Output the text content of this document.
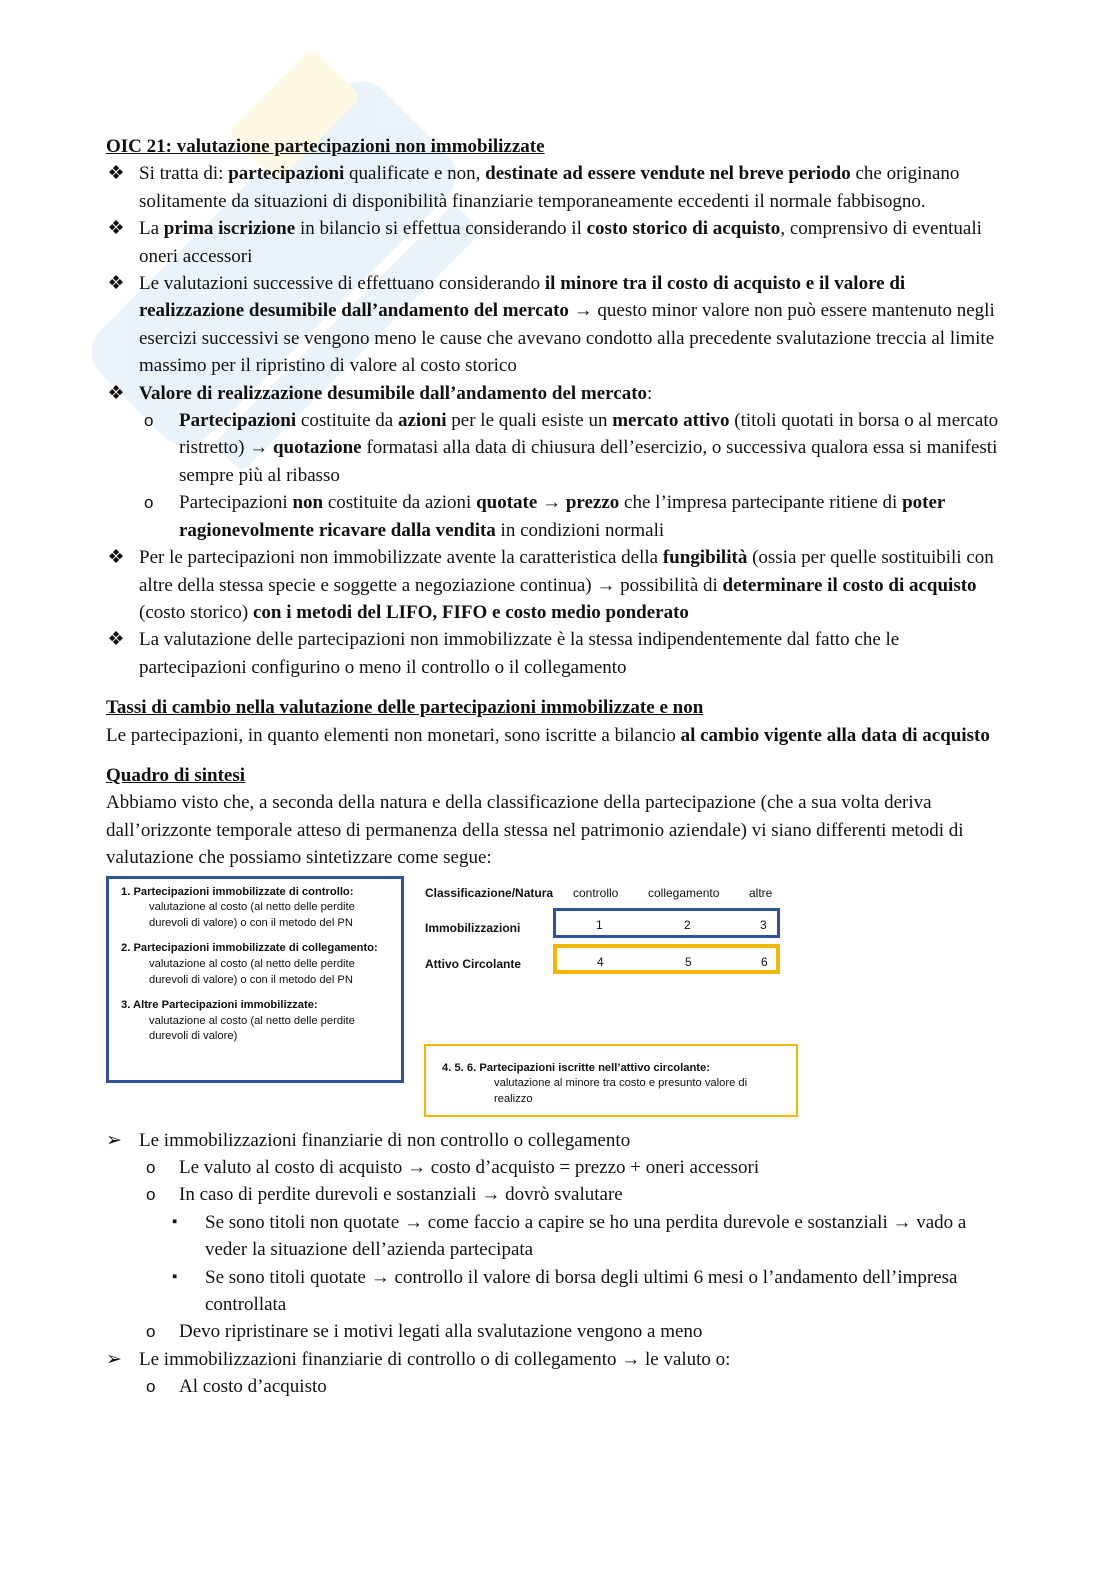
OIC 21: valutazione partecipazioni non immobilizzate

❖ Si tratta di: partecipazioni qualificate e non, destinate ad essere vendute nel breve periodo che originano solitamente da situazioni di disponibilità finanziarie temporaneamente eccedenti il normale fabbisogno.
❖ La prima iscrizione in bilancio si effettua considerando il costo storico di acquisto, comprensivo di eventuali oneri accessori
❖ Le valutazioni successive di effettuano considerando il minore tra il costo di acquisto e il valore di realizzazione desumibile dall’andamento del mercato → questo minor valore non può essere mantenuto negli esercizi successivi se vengono meno le cause che avevano condotto alla precedente svalutazione treccia al limite massimo per il ripristino di valore al costo storico
❖ Valore di realizzazione desumibile dall’andamento del mercato:
o Partecipazioni costituite da azioni per le quali esiste un mercato attivo (titoli quotati in borsa o al mercato ristretto) → quotazione formatasi alla data di chiusura dell’esercizio, o successiva qualora essa si manifesti sempre più al ribasso
o Partecipazioni non costituite da azioni quotate → prezzo che l’impresa partecipante ritiene di poter ragionevolmente ricavare dalla vendita in condizioni normali
❖ Per le partecipazioni non immobilizzate avente la caratteristica della fungibilità (ossia per quelle sostituibili con altre della stessa specie e soggette a negoziazione continua) → possibilità di determinare il costo di acquisto (costo storico) con i metodi del LIFO, FIFO e costo medio ponderato
❖ La valutazione delle partecipazioni non immobilizzate è la stessa indipendentemente dal fatto che le partecipazioni configurino o meno il controllo o il collegamento

Tassi di cambio nella valutazione delle partecipazioni immobilizzate e non

Le partecipazioni, in quanto elementi non monetari, sono iscritte a bilancio al cambio vigente alla data di acquisto

Quadro di sintesi

Abbiamo visto che, a seconda della natura e della classificazione della partecipazione (che a sua volta deriva dall’orizzonte temporale atteso di permanenza della stessa nel patrimonio aziendale) vi siano differenti metodi di valutazione che possiamo sintetizzare come segue:

1. Partecipazioni immobilizzate di controllo:
valutazione al costo (al netto delle perdite durevoli di valore) o con il metodo del PN
2. Partecipazioni immobilizzate di collegamento:
valutazione al costo (al netto delle perdite durevoli di valore) o con il metodo del PN
3. Altre Partecipazioni immobilizzate:
valutazione al costo (al netto delle perdite durevoli di valore)
Classificazione/Natura controllo collegamento altre
Immobilizzazioni	1	2	3
Attivo Circolante	4	5	6
4. 5. 6. Partecipazioni iscritte nell’attivo circolante:
valutazione al minore tra costo e presunto valore di realizzo
➢ Le immobilizzazioni finanziarie di non controllo o collegamento
o Le valuto al costo di acquisto → costo d’acquisto = prezzo + oneri accessori
o In caso di perdite durevoli e sostanziali → dovrò svalutare
▪ Se sono titoli non quotate → come faccio a capire se ho una perdita durevole e sostanziali → vado a veder la situazione dell’azienda partecipata
▪ Se sono titoli quotate → controllo il valore di borsa degli ultimi 6 mesi o l’andamento dell’impresa controllata
o Devo ripristinare se i motivi legati alla svalutazione vengono a meno
➢ Le immobilizzazioni finanziarie di controllo o di collegamento → le valuto o:
o Al costo d’acquisto
